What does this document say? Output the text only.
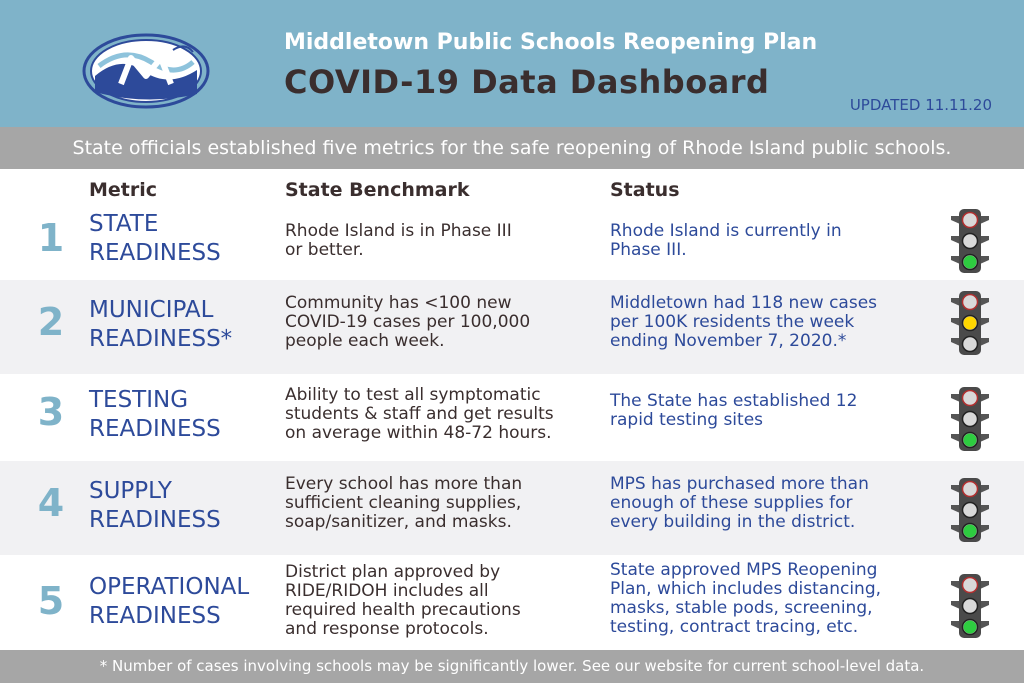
Middletown Public Schools Reopening Plan
COVID-19 Data Dashboard
UPDATED 11.11.20
State officials established five metrics for the safe reopening of Rhode Island public schools.
Metric	State Benchmark	Status
1 STATE
READINESS
Rhode Island is in Phase III
or better.
Rhode Island is currently in
Phase III.
2 MUNICIPAL
READINESS*
Community has <100 new
COVID-19 cases per 100,000
people each week.
Middletown had 118 new cases
per 100K residents the week
ending November 7, 2020.*
3 TESTING
READINESS
Ability to test all symptomatic
students & staff and get results
on average within 48-72 hours.
The State has established 12
rapid testing sites
4 SUPPLY
READINESS
Every school has more than
sufficient cleaning supplies,
soap/sanitizer, and masks.
MPS has purchased more than
enough of these supplies for
every building in the district.
5 OPERATIONAL
READINESS
District plan approved by
RIDE/RIDOH includes all
required health precautions
and response protocols.
State approved MPS Reopening
Plan, which includes distancing,
masks, stable pods, screening,
testing, contract tracing, etc.
* Number of cases involving schools may be significantly lower. See our website for current school-level data.
